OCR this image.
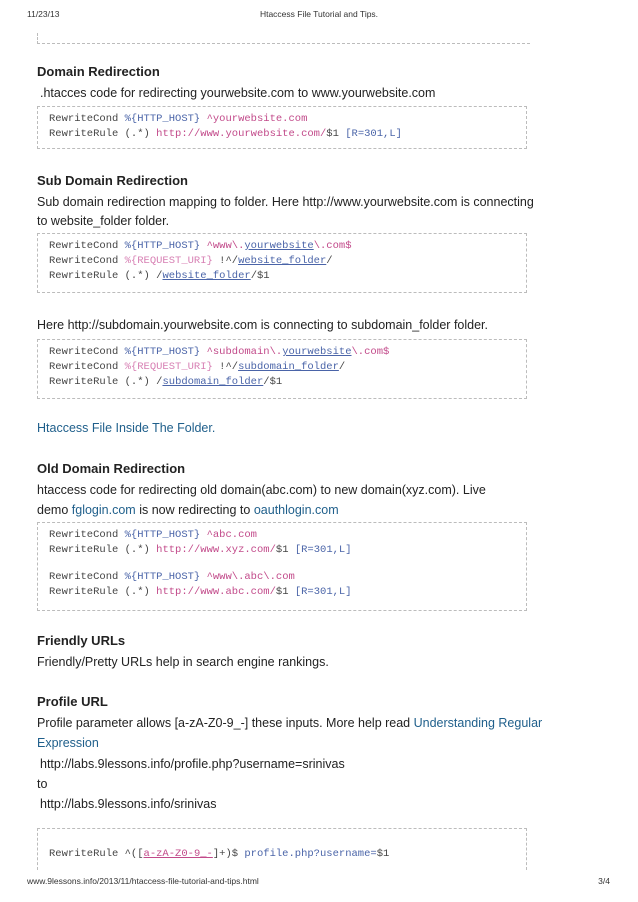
11/23/13	Htaccess File Tutorial and Tips.
Domain Redirection
.htacces code for redirecting yourwebsite.com to www.yourwebsite.com
RewriteCond %{HTTP_HOST} ^yourwebsite.com
RewriteRule (.*) http://www.yourwebsite.com/$1 [R=301,L]
Sub Domain Redirection
Sub domain redirection mapping to folder. Here http://www.yourwebsite.com is connecting
to website_folder folder.
RewriteCond %{HTTP_HOST} ^www\.yourwebsite\.com$
RewriteCond %{REQUEST_URI} !^/website_folder/
RewriteRule (.*) /website_folder/$1
Here http://subdomain.yourwebsite.com is connecting to subdomain_folder folder.
RewriteCond %{HTTP_HOST} ^subdomain\.yourwebsite\.com$
RewriteCond %{REQUEST_URI} !^/subdomain_folder/
RewriteRule (.*) /subdomain_folder/$1
Htaccess File Inside The Folder.
Old Domain Redirection
htaccess code for redirecting old domain(abc.com) to new domain(xyz.com). Live
demo fglogin.com is now redirecting to oauthlogin.com
RewriteCond %{HTTP_HOST} ^abc.com
RewriteRule (.*) http://www.xyz.com/$1 [R=301,L]
RewriteCond %{HTTP_HOST} ^www\.abc\.com
RewriteRule (.*) http://www.abc.com/$1 [R=301,L]
Friendly URLs
Friendly/Pretty URLs help in search engine rankings.
Profile URL
Profile parameter allows [a-zA-Z0-9_-] these inputs. More help read Understanding Regular
Expression
http://labs.9lessons.info/profile.php?username=srinivas
to
http://labs.9lessons.info/srinivas
RewriteRule ^([a-zA-Z0-9_-]+)$ profile.php?username=$1
www.9lessons.info/2013/11/htaccess-file-tutorial-and-tips.html	3/4
